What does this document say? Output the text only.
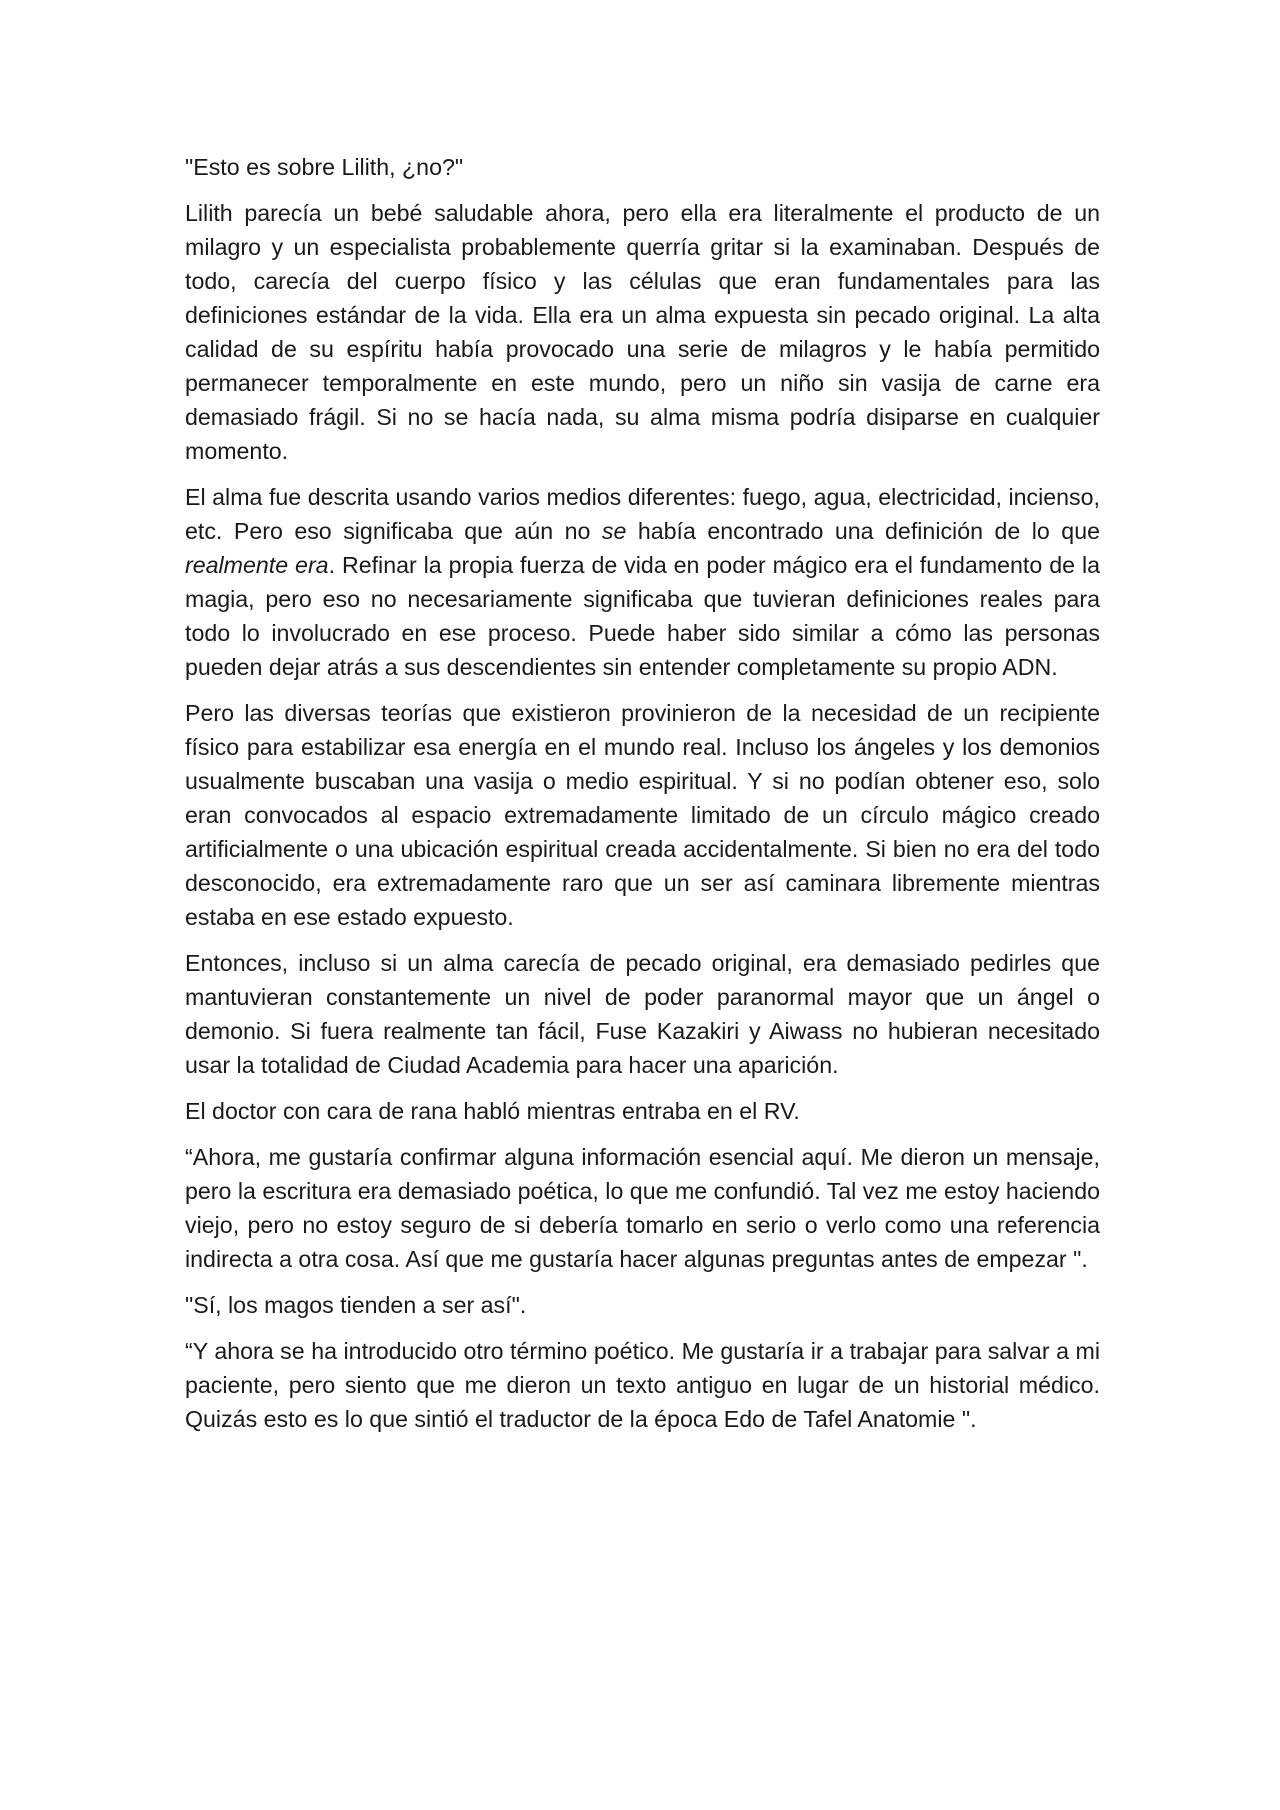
"Esto es sobre Lilith, ¿no?"

Lilith parecía un bebé saludable ahora, pero ella era literalmente el producto de un milagro y un especialista probablemente querría gritar si la examinaban. Después de todo, carecía del cuerpo físico y las células que eran fundamentales para las definiciones estándar de la vida. Ella era un alma expuesta sin pecado original. La alta calidad de su espíritu había provocado una serie de milagros y le había permitido permanecer temporalmente en este mundo, pero un niño sin vasija de carne era demasiado frágil. Si no se hacía nada, su alma misma podría disiparse en cualquier momento.

El alma fue descrita usando varios medios diferentes: fuego, agua, electricidad, incienso, etc. Pero eso significaba que aún no se había encontrado una definición de lo que realmente era. Refinar la propia fuerza de vida en poder mágico era el fundamento de la magia, pero eso no necesariamente significaba que tuvieran definiciones reales para todo lo involucrado en ese proceso. Puede haber sido similar a cómo las personas pueden dejar atrás a sus descendientes sin entender completamente su propio ADN.

Pero las diversas teorías que existieron provinieron de la necesidad de un recipiente físico para estabilizar esa energía en el mundo real. Incluso los ángeles y los demonios usualmente buscaban una vasija o medio espiritual. Y si no podían obtener eso, solo eran convocados al espacio extremadamente limitado de un círculo mágico creado artificialmente o una ubicación espiritual creada accidentalmente. Si bien no era del todo desconocido, era extremadamente raro que un ser así caminara libremente mientras estaba en ese estado expuesto.

Entonces, incluso si un alma carecía de pecado original, era demasiado pedirles que mantuvieran constantemente un nivel de poder paranormal mayor que un ángel o demonio. Si fuera realmente tan fácil, Fuse Kazakiri y Aiwass no hubieran necesitado usar la totalidad de Ciudad Academia para hacer una aparición.

El doctor con cara de rana habló mientras entraba en el RV.

“Ahora, me gustaría confirmar alguna información esencial aquí. Me dieron un mensaje, pero la escritura era demasiado poética, lo que me confundió. Tal vez me estoy haciendo viejo, pero no estoy seguro de si debería tomarlo en serio o verlo como una referencia indirecta a otra cosa. Así que me gustaría hacer algunas preguntas antes de empezar ".

"Sí, los magos tienden a ser así".

“Y ahora se ha introducido otro término poético. Me gustaría ir a trabajar para salvar a mi paciente, pero siento que me dieron un texto antiguo en lugar de un historial médico. Quizás esto es lo que sintió el traductor de la época Edo de Tafel Anatomie ".
